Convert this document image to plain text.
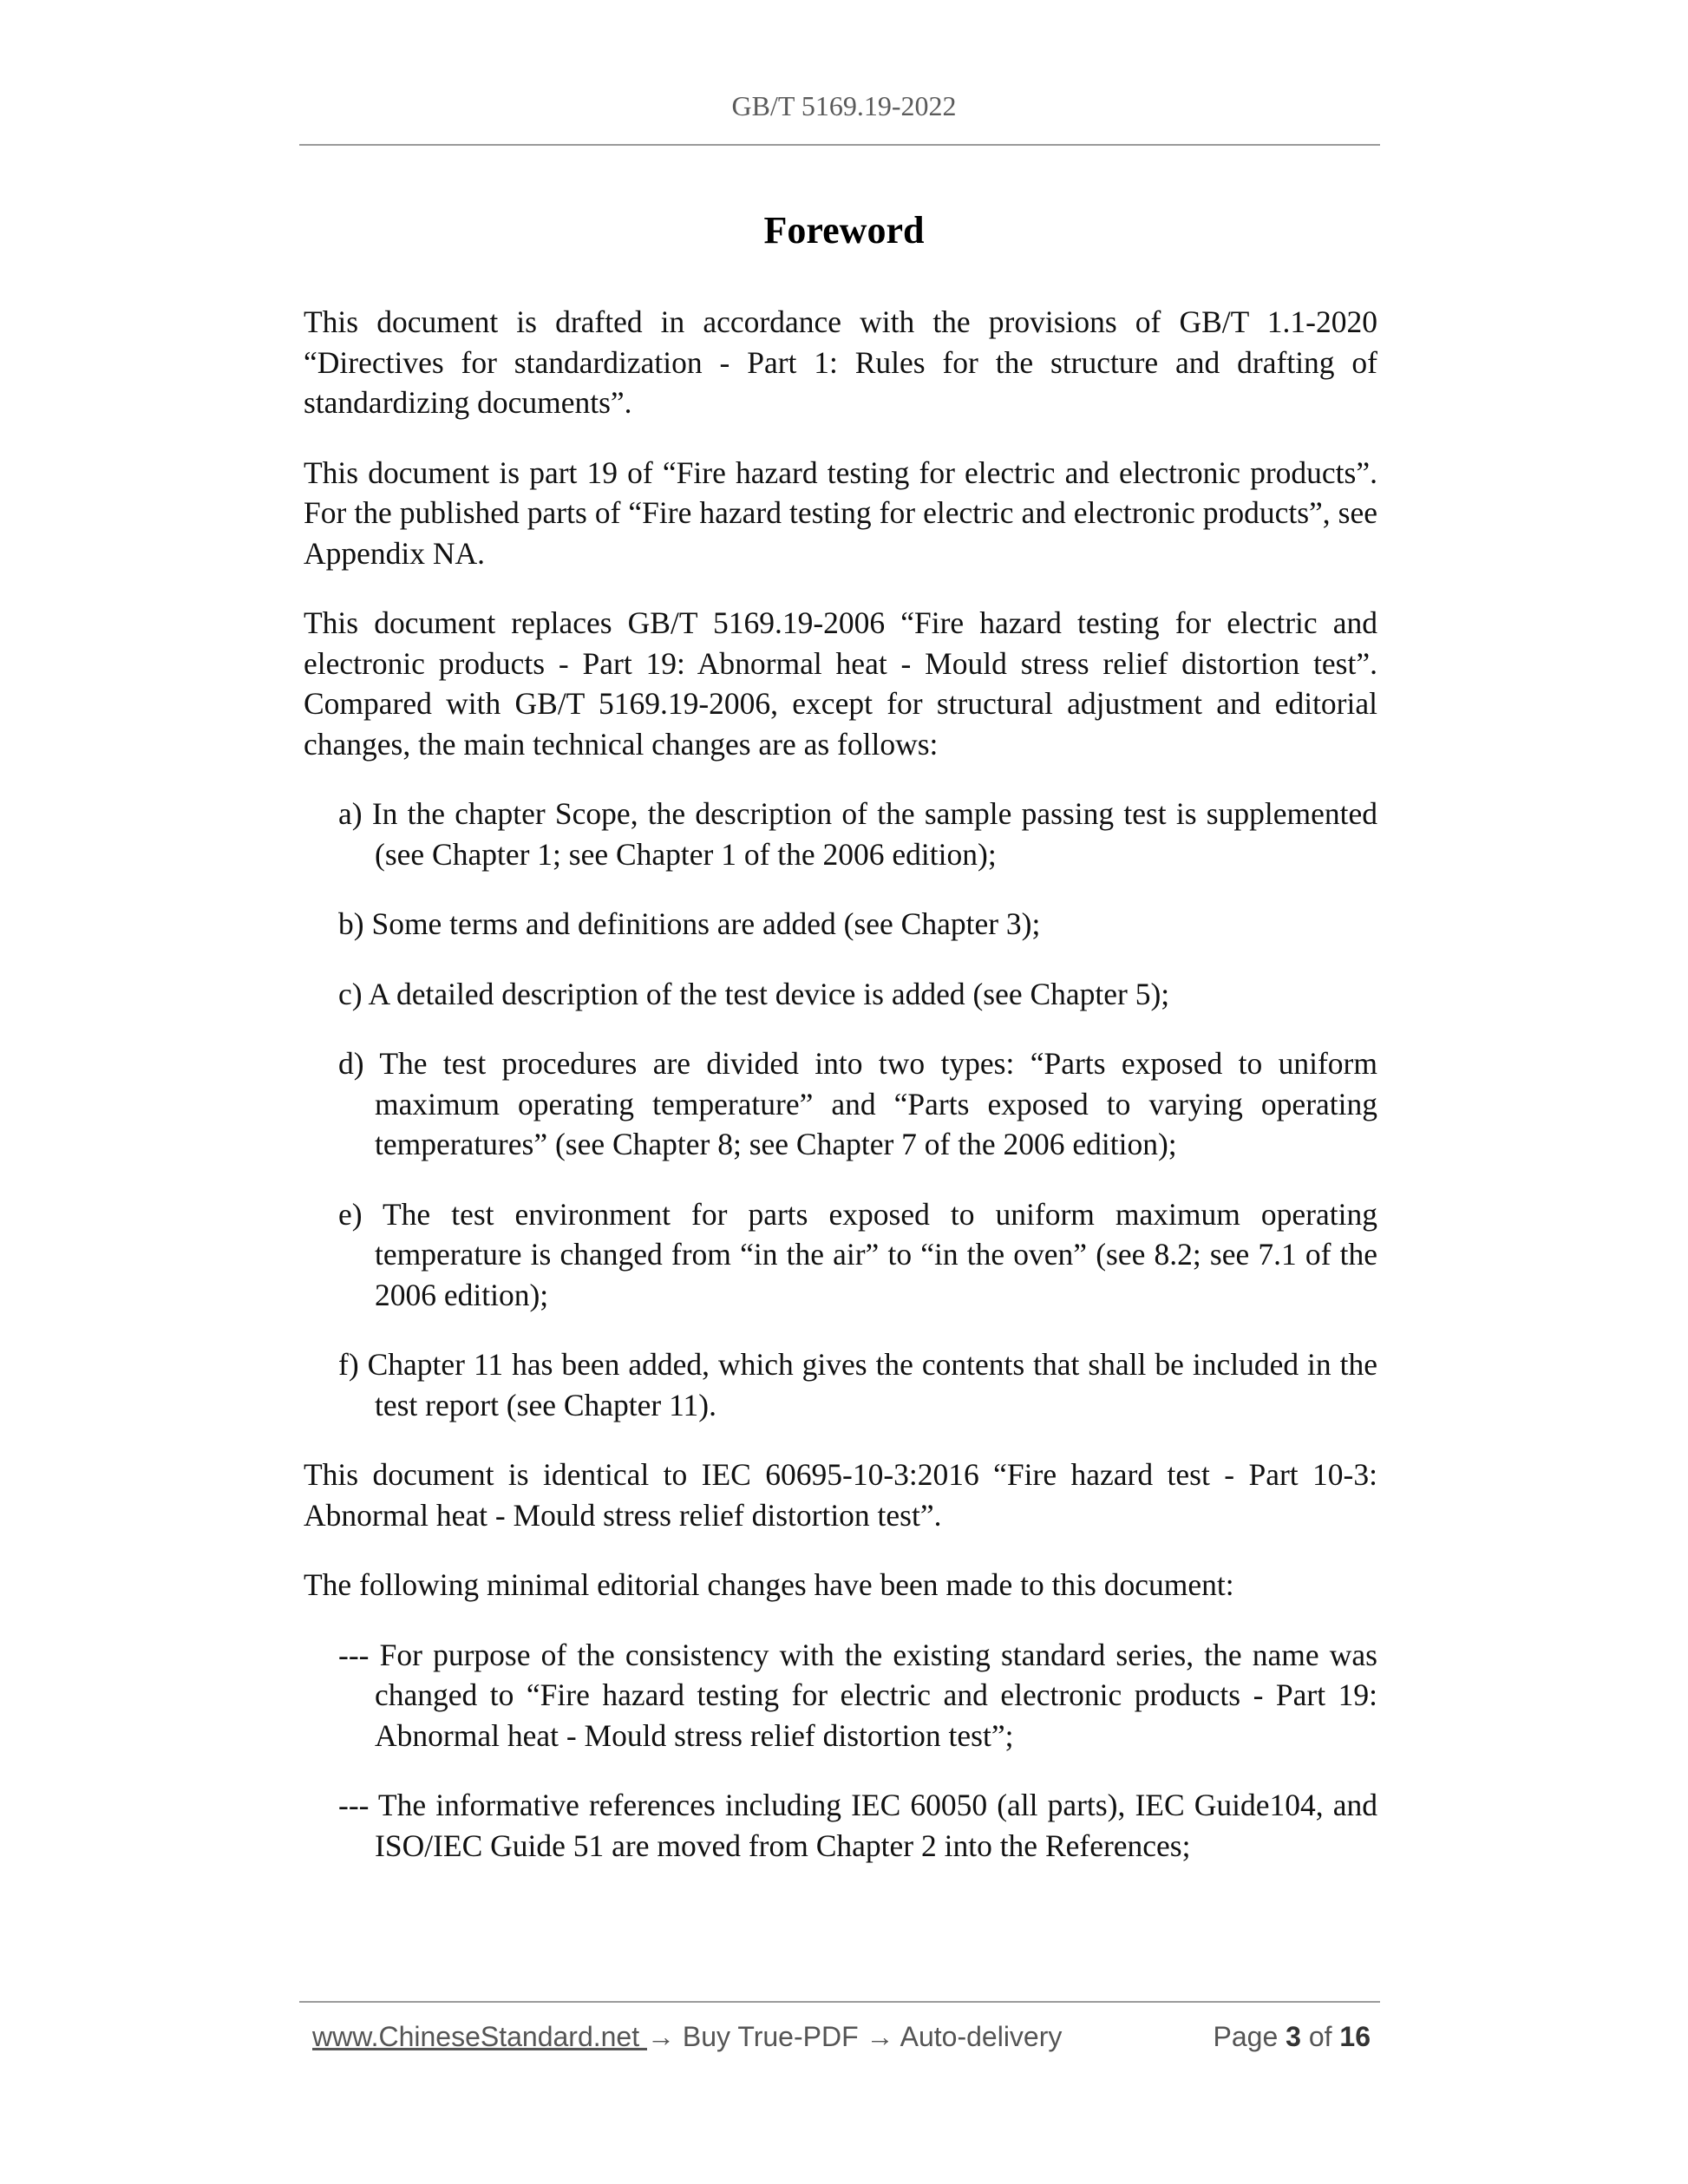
GB/T 5169.19-2022
Foreword

This document is drafted in accordance with the provisions of GB/T 1.1-2020 “Directives for standardization - Part 1: Rules for the structure and drafting of standardizing documents”.

This document is part 19 of “Fire hazard testing for electric and electronic products”. For the published parts of “Fire hazard testing for electric and electronic products”, see Appendix NA.

This document replaces GB/T 5169.19-2006 “Fire hazard testing for electric and electronic products - Part 19: Abnormal heat - Mould stress relief distortion test”. Compared with GB/T 5169.19-2006, except for structural adjustment and editorial changes, the main technical changes are as follows:

a) In the chapter Scope, the description of the sample passing test is supplemented (see Chapter 1; see Chapter 1 of the 2006 edition);

b) Some terms and definitions are added (see Chapter 3);

c) A detailed description of the test device is added (see Chapter 5);

d) The test procedures are divided into two types: “Parts exposed to uniform maximum operating temperature” and “Parts exposed to varying operating temperatures” (see Chapter 8; see Chapter 7 of the 2006 edition);

e) The test environment for parts exposed to uniform maximum operating temperature is changed from “in the air” to “in the oven” (see 8.2; see 7.1 of the 2006 edition);

f) Chapter 11 has been added, which gives the contents that shall be included in the test report (see Chapter 11).

This document is identical to IEC 60695-10-3:2016 “Fire hazard test - Part 10-3: Abnormal heat - Mould stress relief distortion test”.

The following minimal editorial changes have been made to this document:

--- For purpose of the consistency with the existing standard series, the name was changed to “Fire hazard testing for electric and electronic products - Part 19: Abnormal heat - Mould stress relief distortion test”;

--- The informative references including IEC 60050 (all parts), IEC Guide104, and ISO/IEC Guide 51 are moved from Chapter 2 into the References;

www.ChineseStandard.net → Buy True-PDF → Auto-delivery	Page 3 of 16
